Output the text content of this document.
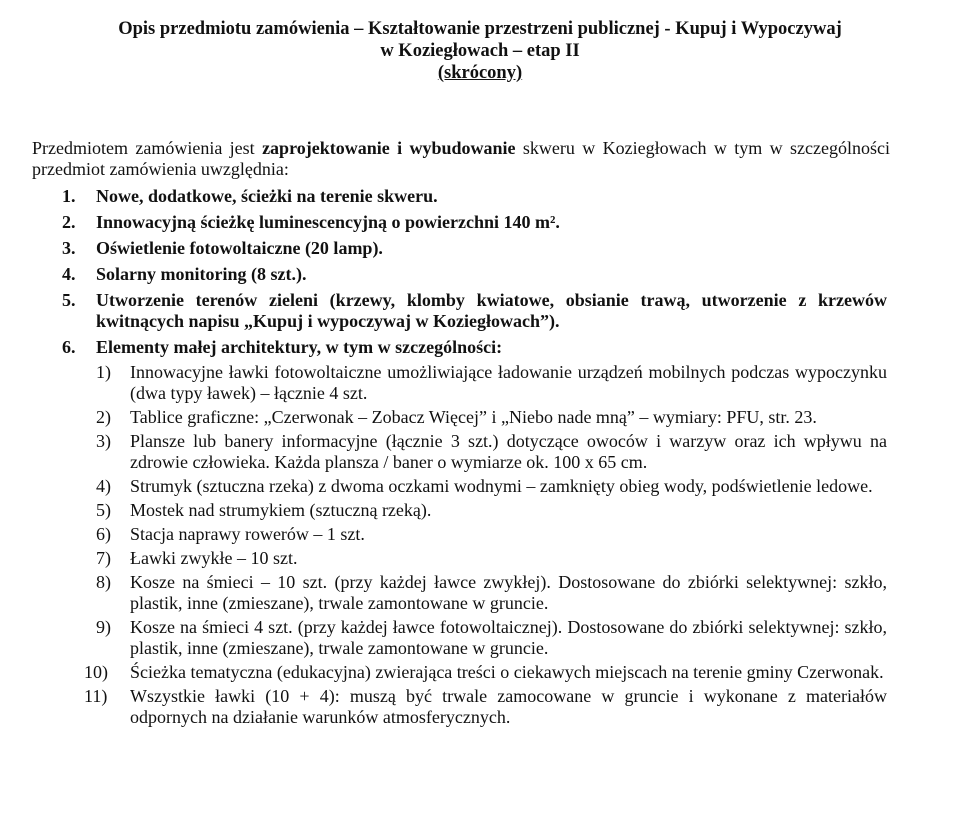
Opis przedmiotu zamówienia – Kształtowanie przestrzeni publicznej - Kupuj i Wypoczywaj
w Koziegłowach – etap II
(skrócony)
Przedmiotem zamówienia jest zaprojektowanie i wybudowanie skweru w Koziegłowach w tym w szczególności przedmiot zamówienia uwzględnia:
1. Nowe, dodatkowe, ścieżki na terenie skweru.
2. Innowacyjną ścieżkę luminescencyjną o powierzchni 140 m².
3. Oświetlenie fotowoltaiczne (20 lamp).
4. Solarny monitoring (8 szt.).
5. Utworzenie terenów zieleni (krzewy, klomby kwiatowe, obsianie trawą, utworzenie z krzewów kwitnących napisu „Kupuj i wypoczywaj w Koziegłowach”).
6. Elementy małej architektury, w tym w szczególności:
1) Innowacyjne ławki fotowoltaiczne umożliwiające ładowanie urządzeń mobilnych podczas wypoczynku (dwa typy ławek) – łącznie 4 szt.
2) Tablice graficzne: „Czerwonak – Zobacz Więcej” i „Niebo nade mną” – wymiary: PFU, str. 23.
3) Plansze lub banery informacyjne (łącznie 3 szt.) dotyczące owoców i warzyw oraz ich wpływu na zdrowie człowieka. Każda plansza / baner o wymiarze ok. 100 x 65 cm.
4) Strumyk (sztuczna rzeka) z dwoma oczkami wodnymi – zamknięty obieg wody, podświetlenie ledowe.
5) Mostek nad strumykiem (sztuczną rzeką).
6) Stacja naprawy rowerów – 1 szt.
7) Ławki zwykłe – 10 szt.
8) Kosze na śmieci – 10 szt. (przy każdej ławce zwykłej). Dostosowane do zbiórki selektywnej: szkło, plastik, inne (zmieszane), trwale zamontowane w gruncie.
9) Kosze na śmieci 4 szt. (przy każdej ławce fotowoltaicznej). Dostosowane do zbiórki selektywnej: szkło, plastik, inne (zmieszane), trwale zamontowane w gruncie.
10) Ścieżka tematyczna (edukacyjna) zwierająca treści o ciekawych miejscach na terenie gminy Czerwonak.
11) Wszystkie ławki (10 + 4): muszą być trwale zamocowane w gruncie i wykonane z materiałów odpornych na działanie warunków atmosferycznych.
